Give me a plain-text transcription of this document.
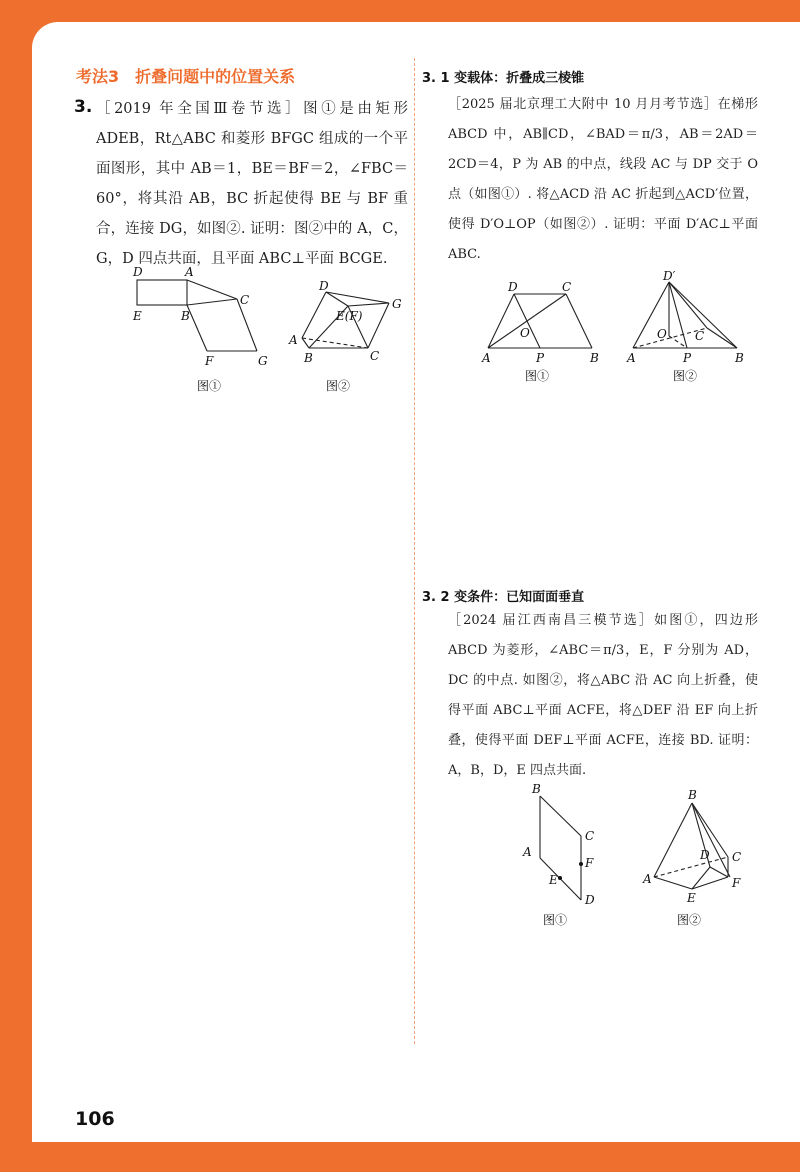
考法3　折叠问题中的位置关系
3. ［2019 年全国Ⅲ卷节选］图①是由矩形 ADEB，Rt△ABC 和菱形 BFGC 组成的一个平面图形，其中 AB＝1，BE＝BF＝2，∠FBC＝60°，将其沿 AB，BC 折起使得 BE 与 BF 重合，连接 DG，如图②. 证明：图②中的 A，C，G，D 四点共面，且平面 ABC⊥平面 BCGE.
D	A
C
E	B
F	G
图①
D
G
E(F)
A
B	C
图②
3. 1 变载体：折叠成三棱锥
［2025 届北京理工大附中 10 月月考节选］在梯形 ABCD 中，AB∥CD，∠BAD＝π/3，AB＝2AD＝2CD＝4，P 为 AB 的中点，线段 AC 与 DP 交于 O 点（如图①）. 将△ACD 沿 AC 折起到△ACD′位置，使得 D′O⊥OP（如图②）. 证明：平面 D′AC⊥平面 ABC.
D	C
O
A	P	B
图①
D′
O C
A	P	B
图②
3. 2 变条件：已知面面垂直
［2024 届江西南昌三模节选］如图①，四边形 ABCD 为菱形，∠ABC＝π/3，E，F 分别为 AD，DC 的中点. 如图②，将△ABC 沿 AC 向上折叠，使得平面 ABC⊥平面 ACFE，将△DEF 沿 EF 向上折叠，使得平面 DEF⊥平面 ACFE，连接 BD. 证明：A，B，D，E 四点共面.
B
C
A
F
E
D
图①
B
D C
A	F
E
图②
106
